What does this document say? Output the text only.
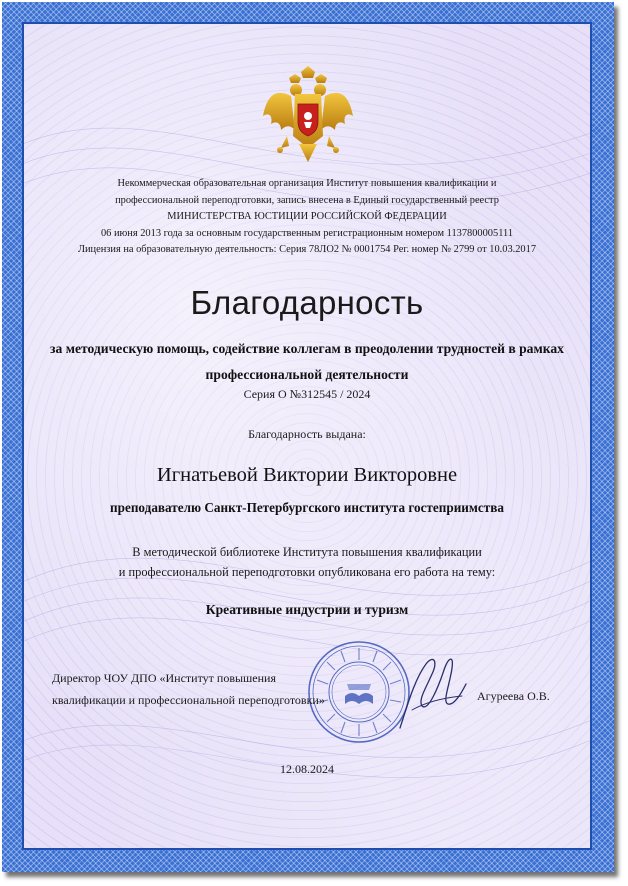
Некоммерческая образовательная организация Институт повышения квалификации и
профессиональной переподготовки, запись внесена в Единый государственный реестр
МИНИСТЕРСТВА ЮСТИЦИИ РОССИЙСКОЙ ФЕДЕРАЦИИ
06 июня 2013 года за основным государственным регистрационным номером 1137800005111
Лицензия на образовательную деятельность: Серия 78ЛО2 № 0001754 Рег. номер № 2799 от 10.03.2017
Благодарность
за методическую помощь, содействие коллегам в преодолении трудностей в рамках профессиональной деятельности
Серия О №312545 / 2024
Благодарность выдана:
Игнатьевой Виктории Викторовне
преподавателю Санкт-Петербургского института гостеприимства
В методической библиотеке Института повышения квалификации
и профессиональной переподготовки опубликована его работа на тему:
Креативные индустрии и туризм
Директор ЧОУ ДПО «Институт повышения
квалификации и профессиональной переподготовки»	Агуреева О.В.
12.08.2024
